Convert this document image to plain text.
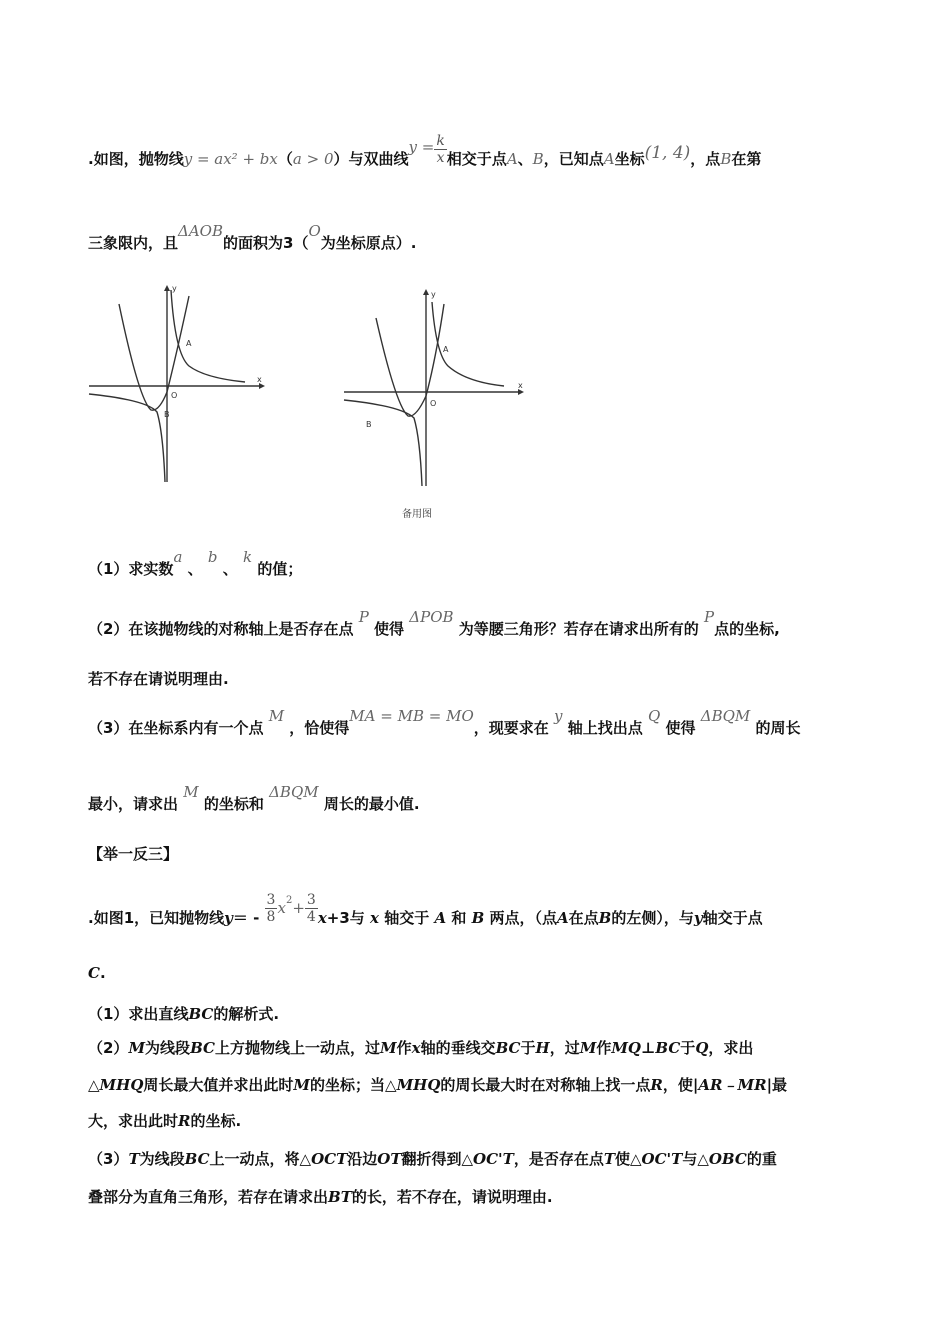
.如图，抛物线y = ax² + bx（a > 0）与双曲线$y = \frac{k}{x}$ 相交于点A、B，已知点A坐标(1, 4)，点B在第
三象限内，且ΔAOB的面积为3（O为坐标原点）.
y
x
A
B
O
y
x
A
B
O
备用图
（1）求实数a 、 b 、 k 的值；
（2）在该抛物线的对称轴上是否存在点 P 使得 ΔPOB 为等腰三角形？若存在请求出所有的 P点的坐标,
若不存在请说明理由.
（3）在坐标系内有一个点 M ，恰使得MA = MB = MO，现要求在 y 轴上找出点 Q 使得 ΔBQM 的周长
最小，请求出 M 的坐标和 ΔBQM 周长的最小值.
【举一反三】
.如图1，已知抛物线$y= - \frac{3}{8} x^2+ \frac{3}{4} x+3$与 x 轴交于 A 和 B 两点，（点A在点B的左侧），与y轴交于点
C.
（1）求出直线BC的解析式.
（2）M为线段BC上方抛物线上一动点，过M作x轴的垂线交BC于H，过M作MQ⊥BC于Q，求出
△MHQ周长最大值并求出此时M的坐标；当△MHQ的周长最大时在对称轴上找一点R，使|AR﹣MR|最
大，求出此时R的坐标.
（3）T为线段BC上一动点，将△OCT沿边OT翻折得到△OC'T，是否存在点T使△OC'T与△OBC的重
叠部分为直角三角形，若存在请求出BT的长，若不存在，请说明理由.
